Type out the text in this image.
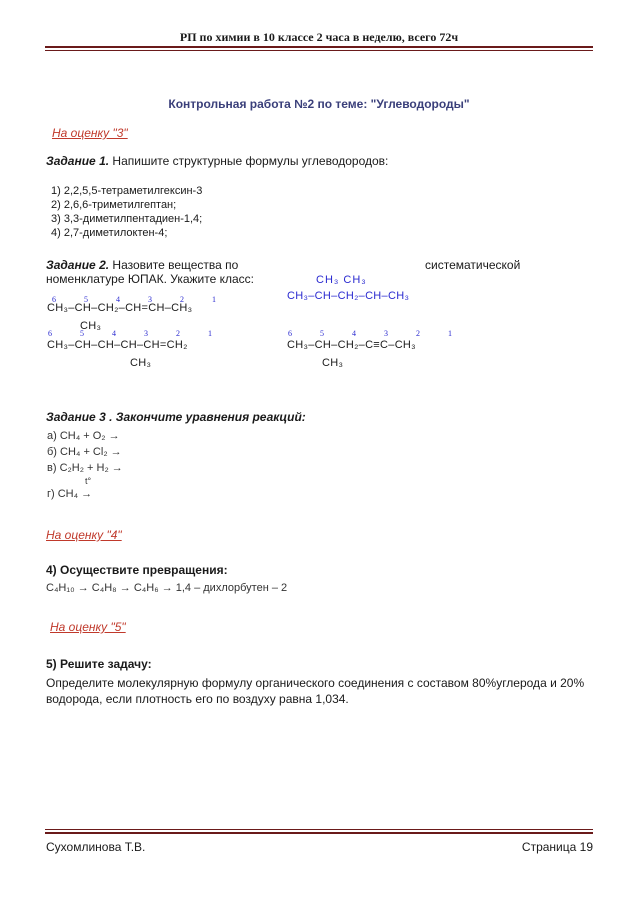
РП по химии в 10 классе 2 часа в неделю, всего 72ч
Контрольная работа №2 по теме: "Углеводороды"
На оценку "3"
Задание 1. Напишите структурные формулы углеводородов:
1) 2,2,5,5-тетраметилгексин-3
2) 2,6,6-триметилгептан;
3) 3,3-диметилпентадиен-1,4;
4) 2,7-диметилоктен-4;
Задание 2. Назовите вещества по	систематической
номенклатуре ЮПАК. Укажите класс:
6 5 4 3 2 1
CH₃–CH–CH₂–CH=CH–CH₃
CH₃
CH₃ CH₃
CH₃–CH–CH₂–CH–CH₃
6 5 4 3 2 1
CH₃–CH–CH–CH–CH=CH₂
CH₃
6 5 4 3 2 1
CH₃–CH–CH₂–C≡C–CH₃
CH₃
Задание 3 . Закончите уравнения реакций:
а) CH₄ + O₂ →
б) CH₄ + Cl₂ →
в) C₂H₂ + H₂ →
t°
г) CH₄ →
На оценку "4"
4) Осуществите превращения:
C₄H₁₀ → C₄H₈ → C₄H₆ → 1,4 – дихлорбутен – 2
На оценку "5"
5) Решите задачу:
Определите молекулярную формулу органического соединения с составом 80%углерода и 20%
водорода, если плотность его по воздуху равна 1,034.
Сухомлинова Т.В.	Страница 19
